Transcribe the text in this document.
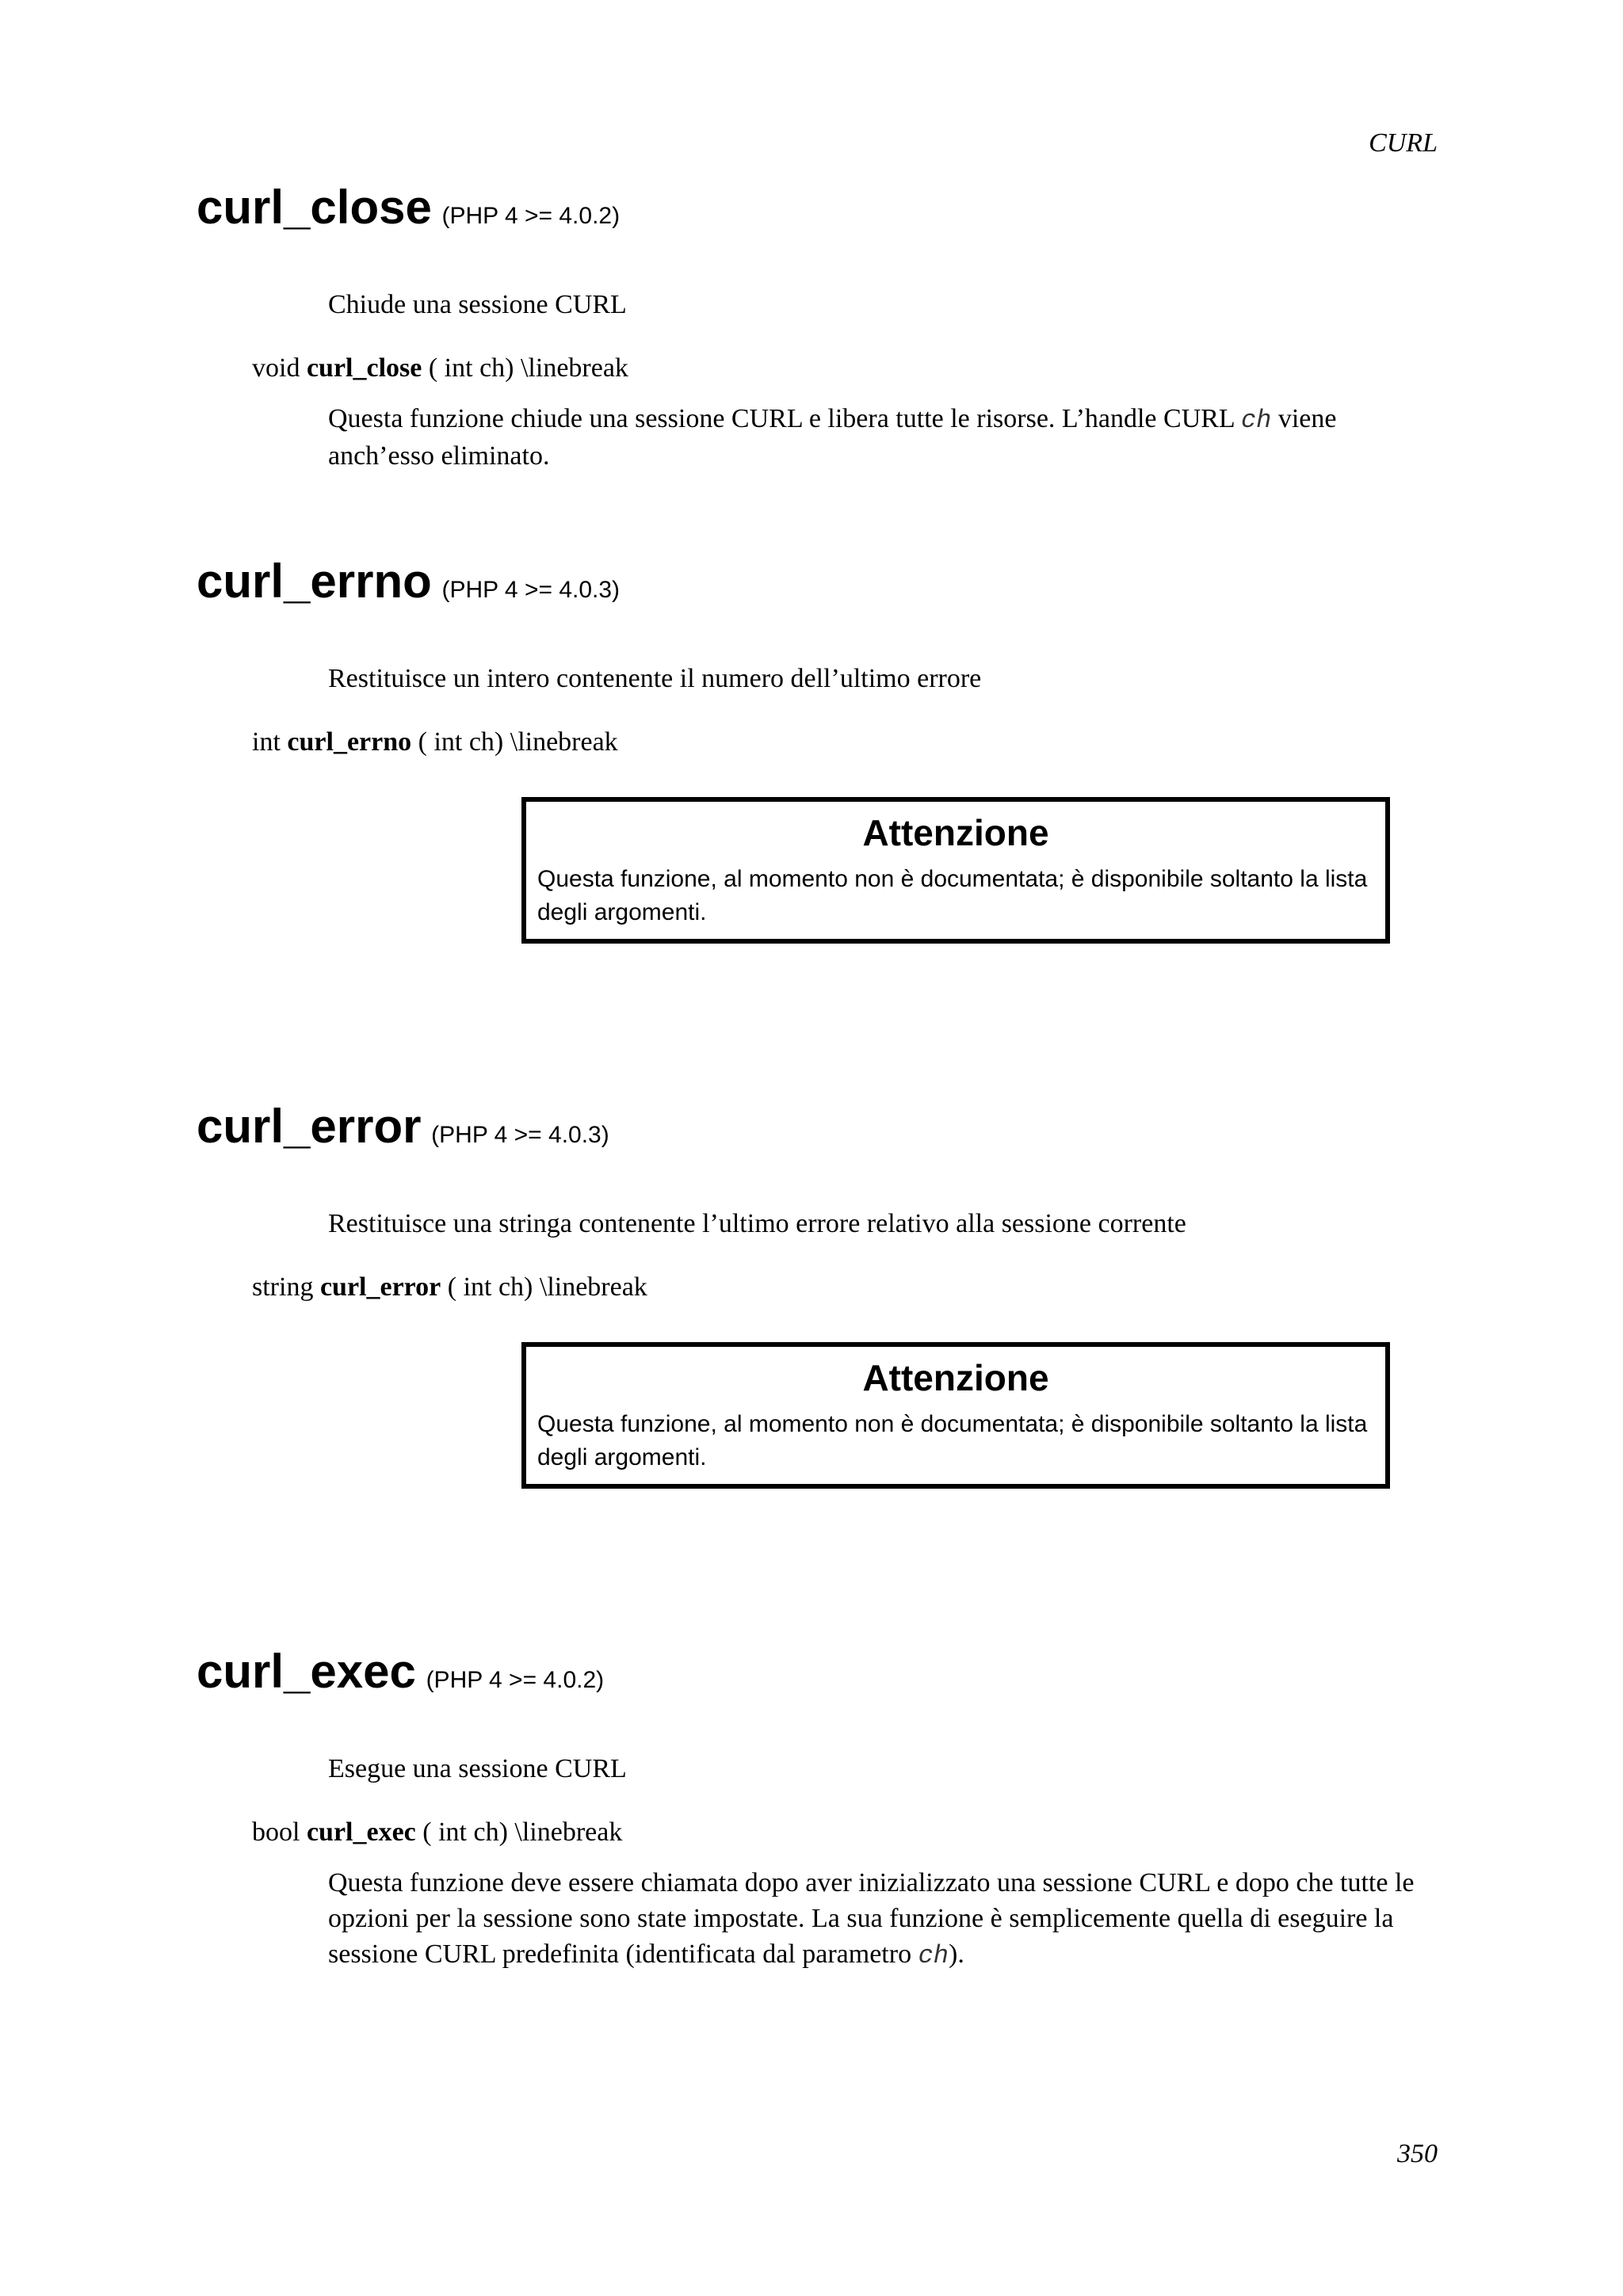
CURL
curl_close (PHP 4 >= 4.0.2)

Chiude una sessione CURL

void curl_close ( int ch) \linebreak

Questa funzione chiude una sessione CURL e libera tutte le risorse. L’handle CURL ch viene anch’esso eliminato.

curl_errno (PHP 4 >= 4.0.3)

Restituisce un intero contenente il numero dell’ultimo errore

int curl_errno ( int ch) \linebreak

Attenzione

Questa funzione, al momento non è documentata; è disponibile soltanto la lista degli argomenti.

curl_error (PHP 4 >= 4.0.3)

Restituisce una stringa contenente l’ultimo errore relativo alla sessione corrente

string curl_error ( int ch) \linebreak

Attenzione

Questa funzione, al momento non è documentata; è disponibile soltanto la lista degli argomenti.

curl_exec (PHP 4 >= 4.0.2)

Esegue una sessione CURL

bool curl_exec ( int ch) \linebreak

Questa funzione deve essere chiamata dopo aver inizializzato una sessione CURL e dopo che tutte le opzioni per la sessione sono state impostate. La sua funzione è semplicemente quella di eseguire la sessione CURL predefinita (identificata dal parametro ch).

350
